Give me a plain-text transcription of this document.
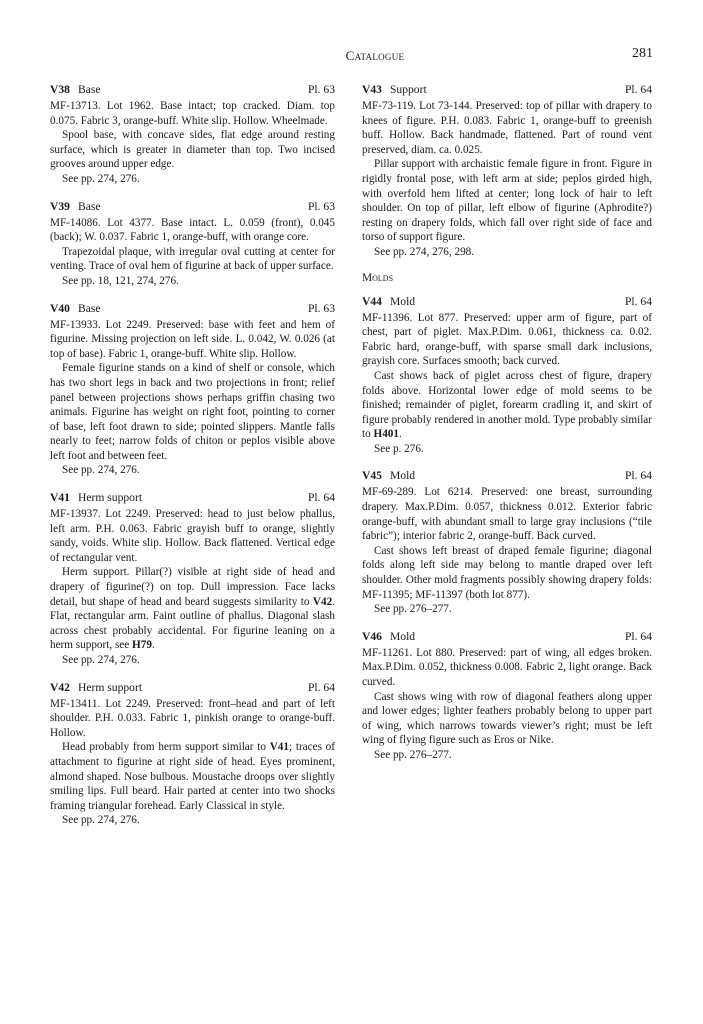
Catalogue	281
V38 Base	Pl. 63

MF-13713. Lot 1962. Base intact; top cracked. Diam. top 0.075. Fabric 3, orange-buff. White slip. Hollow. Wheelmade.

Spool base, with concave sides, flat edge around resting surface, which is greater in diameter than top. Two incised grooves around upper edge.

See pp. 274, 276.

V39 Base	Pl. 63

MF-14086. Lot 4377. Base intact. L. 0.059 (front), 0.045 (back); W. 0.037. Fabric 1, orange-buff, with orange core.

Trapezoidal plaque, with irregular oval cutting at center for venting. Trace of oval hem of figurine at back of upper surface.

See pp. 18, 121, 274, 276.

V40 Base	Pl. 63

MF-13933. Lot 2249. Preserved: base with feet and hem of figurine. Missing projection on left side. L. 0.042, W. 0.026 (at top of base). Fabric 1, orange-buff. White slip. Hollow.

Female figurine stands on a kind of shelf or console, which has two short legs in back and two projections in front; relief panel between projections shows perhaps griffin chasing two animals. Figurine has weight on right foot, pointing to corner of base, left foot drawn to side; pointed slippers. Mantle falls nearly to feet; narrow folds of chiton or peplos visible above left foot and between feet.

See pp. 274, 276.

V41 Herm support	Pl. 64

MF-13937. Lot 2249. Preserved: head to just below phallus, left arm. P.H. 0.063. Fabric grayish buff to orange, slightly sandy, voids. White slip. Hollow. Back flattened. Vertical edge of rectangular vent.

Herm support. Pillar(?) visible at right side of head and drapery of figurine(?) on top. Dull impression. Face lacks detail, but shape of head and beard suggests similarity to V42. Flat, rectangular arm. Faint outline of phallus. Diagonal slash across chest probably accidental. For figurine leaning on a herm support, see H79.

See pp. 274, 276.

V42 Herm support	Pl. 64

MF-13411. Lot 2249. Preserved: front–head and part of left shoulder. P.H. 0.033. Fabric 1, pinkish orange to orange-buff. Hollow.

Head probably from herm support similar to V41; traces of attachment to figurine at right side of head. Eyes prominent, almond shaped. Nose bulbous. Moustache droops over slightly smiling lips. Full beard. Hair parted at center into two shocks framing triangular forehead. Early Classical in style.

See pp. 274, 276.

V43 Support	Pl. 64

MF-73-119. Lot 73-144. Preserved: top of pillar with drapery to knees of figure. P.H. 0.083. Fabric 1, orange-buff to greenish buff. Hollow. Back handmade, flattened. Part of round vent preserved, diam. ca. 0.025.

Pillar support with archaistic female figure in front. Figure in rigidly frontal pose, with left arm at side; peplos girded high, with overfold hem lifted at center; long lock of hair to left shoulder. On top of pillar, left elbow of figurine (Aphrodite?) resting on drapery folds, which fall over right side of face and torso of support figure.

See pp. 274, 276, 298.

Molds
V44 Mold	Pl. 64

MF-11396. Lot 877. Preserved: upper arm of figure, part of chest, part of piglet. Max.P.Dim. 0.061, thickness ca. 0.02. Fabric hard, orange-buff, with sparse small dark inclusions, grayish core. Surfaces smooth; back curved.

Cast shows back of piglet across chest of figure, drapery folds above. Horizontal lower edge of mold seems to be finished; remainder of piglet, forearm cradling it, and skirt of figure probably rendered in another mold. Type probably similar to H401.

See p. 276.

V45 Mold	Pl. 64

MF-69-289. Lot 6214. Preserved: one breast, surrounding drapery. Max.P.Dim. 0.057, thickness 0.012. Exterior fabric orange-buff, with abundant small to large gray inclusions (“tile fabric”); interior fabric 2, orange-buff. Back curved.

Cast shows left breast of draped female figurine; diagonal folds along left side may belong to mantle draped over left shoulder. Other mold fragments possibly showing drapery folds: MF-11395; MF-11397 (both lot 877).

See pp. 276–277.

V46 Mold	Pl. 64

MF-11261. Lot 880. Preserved: part of wing, all edges broken. Max.P.Dim. 0.052, thickness 0.008. Fabric 2, light orange. Back curved.

Cast shows wing with row of diagonal feathers along upper and lower edges; lighter feathers probably belong to upper part of wing, which narrows towards viewer’s right; must be left wing of flying figure such as Eros or Nike.

See pp. 276–277.
